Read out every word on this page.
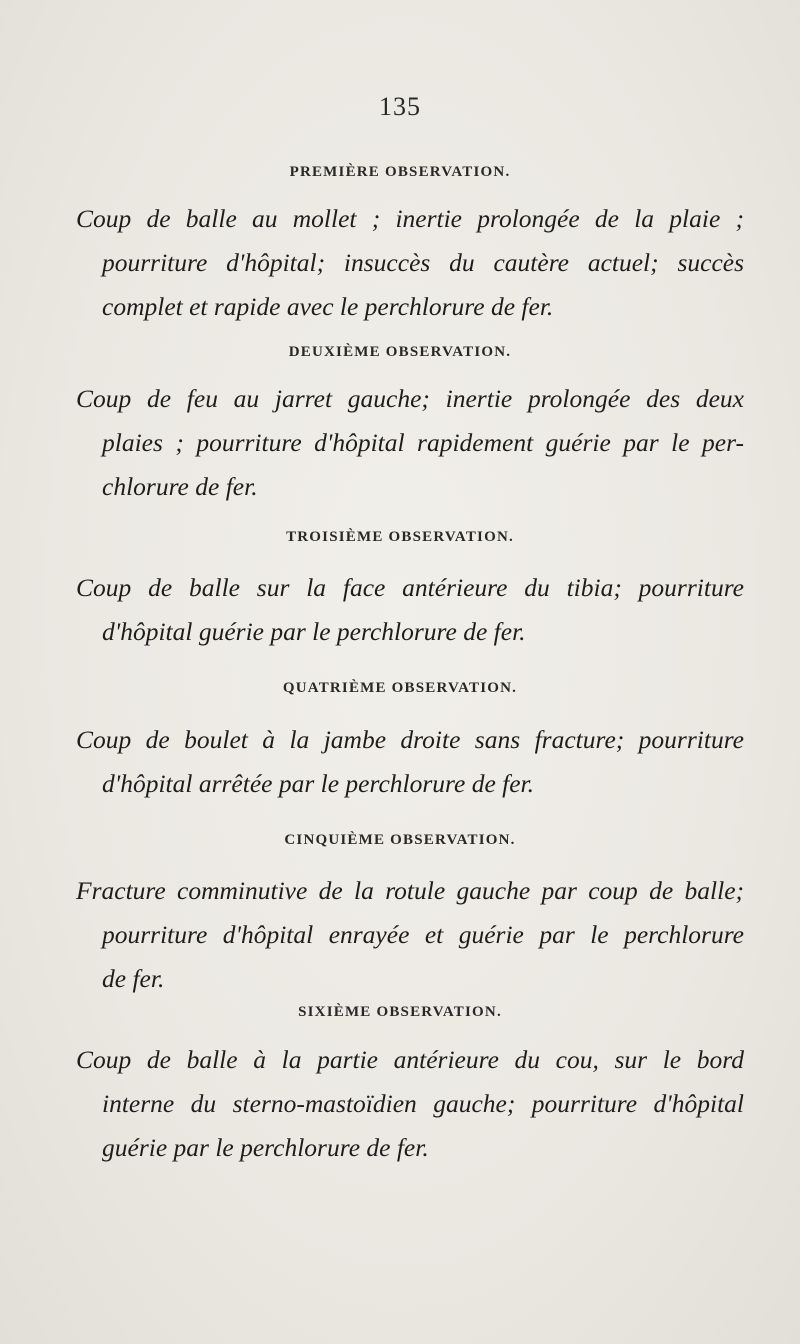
135
PREMIÈRE OBSERVATION.
Coup de balle au mollet ; inertie prolongée de la plaie ;
pourriture d'hôpital; insuccès du cautère actuel; succès
complet et rapide avec le perchlorure de fer.
DEUXIÈME OBSERVATION.
Coup de feu au jarret gauche; inertie prolongée des deux
plaies ; pourriture d'hôpital rapidement guérie par le per-
chlorure de fer.
TROISIÈME OBSERVATION.
Coup de balle sur la face antérieure du tibia; pourriture
d'hôpital guérie par le perchlorure de fer.
QUATRIÈME OBSERVATION.
Coup de boulet à la jambe droite sans fracture; pourriture
d'hôpital arrêtée par le perchlorure de fer.
CINQUIÈME OBSERVATION.
Fracture comminutive de la rotule gauche par coup de balle;
pourriture d'hôpital enrayée et guérie par le perchlorure
de fer.
SIXIÈME OBSERVATION.
Coup de balle à la partie antérieure du cou, sur le bord
interne du sterno-mastoïdien gauche; pourriture d'hôpital
guérie par le perchlorure de fer.
